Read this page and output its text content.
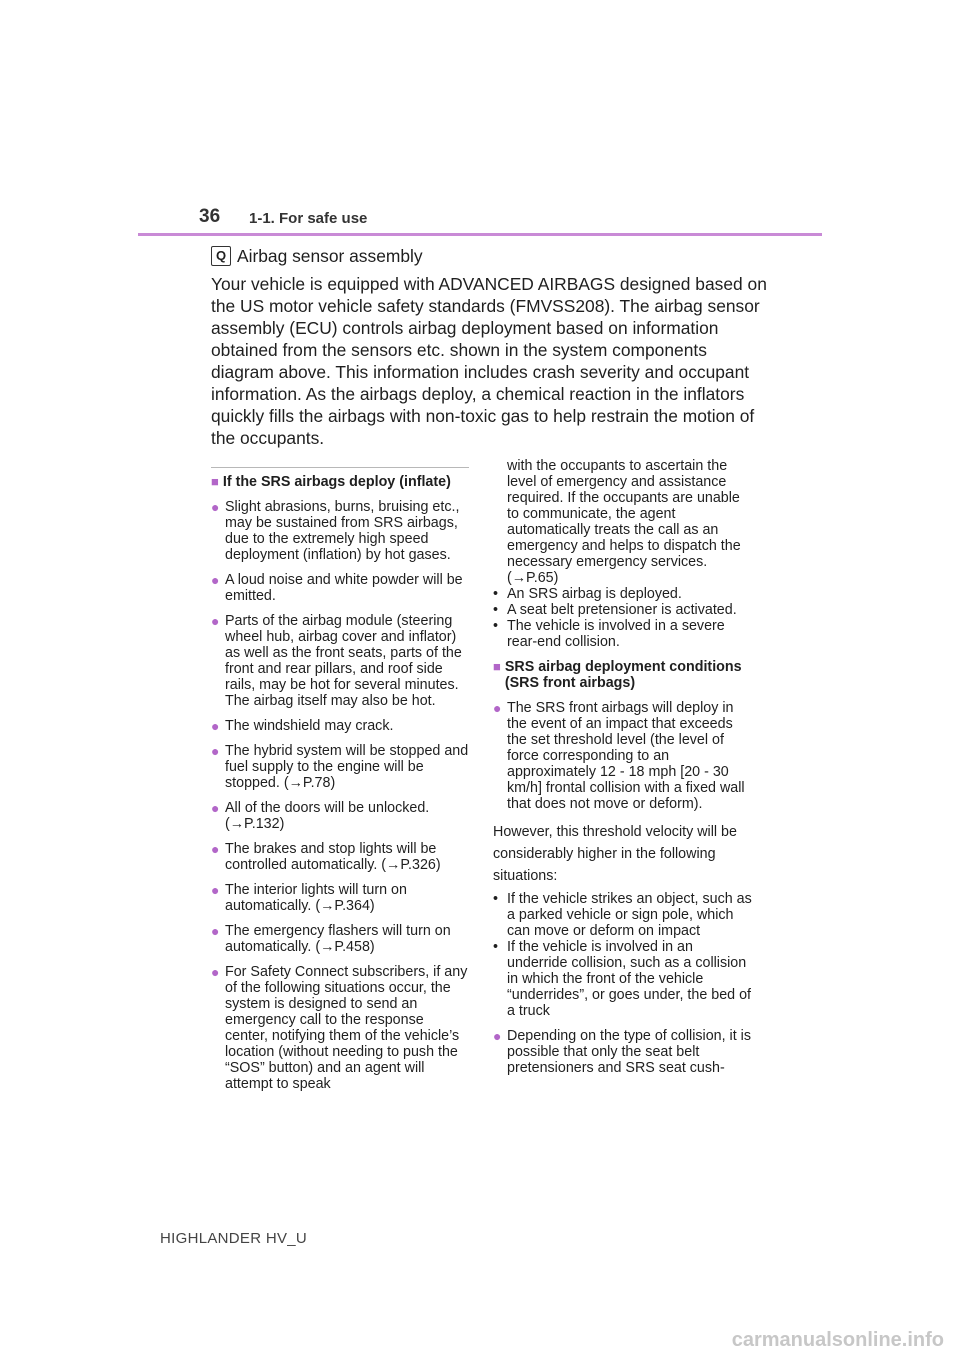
36 1-1. For safe use
Q Airbag sensor assembly

Your vehicle is equipped with ADVANCED AIRBAGS designed based on the US motor vehicle safety standards (FMVSS208). The airbag sensor assembly (ECU) controls airbag deployment based on information obtained from the sensors etc. shown in the system components diagram above. This information includes crash severity and occupant information. As the airbags deploy, a chemical reaction in the inflators quickly fills the airbags with non-toxic gas to help restrain the motion of the occupants.

■ If the SRS airbags deploy (inflate)
● Slight abrasions, burns, bruising etc., may be sustained from SRS airbags, due to the extremely high speed deployment (inflation) by hot gases.
● A loud noise and white powder will be emitted.
● Parts of the airbag module (steering wheel hub, airbag cover and inflator) as well as the front seats, parts of the front and rear pillars, and roof side rails, may be hot for several minutes. The airbag itself may also be hot.
● The windshield may crack.
● The hybrid system will be stopped and fuel supply to the engine will be stopped. (→P.78)
● All of the doors will be unlocked. (→P.132)
● The brakes and stop lights will be controlled automatically. (→P.326)
● The interior lights will turn on automatically. (→P.364)
● The emergency flashers will turn on automatically. (→P.458)
● For Safety Connect subscribers, if any of the following situations occur, the system is designed to send an emergency call to the response center, notifying them of the vehicle’s location (without needing to push the “SOS” button) and an agent will attempt to speak
with the occupants to ascertain the level of emergency and assistance required. If the occupants are unable to communicate, the agent automatically treats the call as an emergency and helps to dispatch the necessary emergency services. (→P.65)
• An SRS airbag is deployed.
• A seat belt pretensioner is activated.
• The vehicle is involved in a severe rear-end collision.
■ SRS airbag deployment conditions (SRS front airbags)
● The SRS front airbags will deploy in the event of an impact that exceeds the set threshold level (the level of force corresponding to an approximately 12 - 18 mph [20 - 30 km/h] frontal collision with a fixed wall that does not move or deform).

However, this threshold velocity will be considerably higher in the following situations:

• If the vehicle strikes an object, such as a parked vehicle or sign pole, which can move or deform on impact
• If the vehicle is involved in an underride collision, such as a collision in which the front of the vehicle “underrides”, or goes under, the bed of a truck
● Depending on the type of collision, it is possible that only the seat belt pretensioners and SRS seat cush-
HIGHLANDER HV_U
carmanualsonline.info
